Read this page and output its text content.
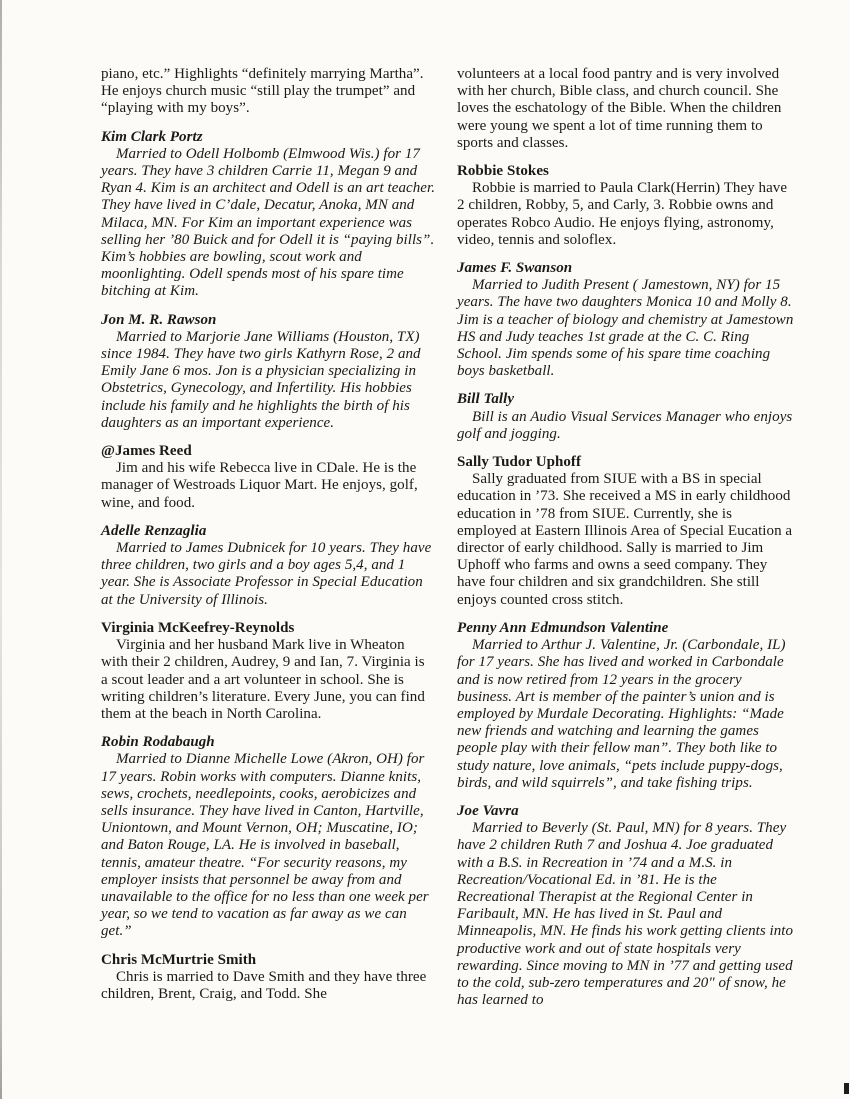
piano, etc.” Highlights “definitely marrying Martha”. He enjoys church music “still play the trumpet” and “playing with my boys”.

Kim Clark Portz

Married to Odell Holbomb (Elmwood Wis.) for 17 years. They have 3 children Carrie 11, Megan 9 and Ryan 4. Kim is an architect and Odell is an art teacher. They have lived in C’dale, Decatur, Anoka, MN and Milaca, MN. For Kim an important experience was selling her ’80 Buick and for Odell it is “paying bills”. Kim’s hobbies are bowling, scout work and moonlighting. Odell spends most of his spare time bitching at Kim.

Jon M. R. Rawson

Married to Marjorie Jane Williams (Houston, TX) since 1984. They have two girls Kathyrn Rose, 2 and Emily Jane 6 mos. Jon is a physician specializing in Obstetrics, Gynecology, and Infertility. His hobbies include his family and he highlights the birth of his daughters as an important experience.

@James Reed

Jim and his wife Rebecca live in CDale. He is the manager of Westroads Liquor Mart. He enjoys, golf, wine, and food.

Adelle Renzaglia

Married to James Dubnicek for 10 years. They have three children, two girls and a boy ages 5,4, and 1 year. She is Associate Professor in Special Education at the University of Illinois.

Virginia McKeefrey-Reynolds

Virginia and her husband Mark live in Wheaton with their 2 children, Audrey, 9 and Ian, 7. Virginia is a scout leader and a art volunteer in school. She is writing children’s literature. Every June, you can find them at the beach in North Carolina.

Robin Rodabaugh

Married to Dianne Michelle Lowe (Akron, OH) for 17 years. Robin works with computers. Dianne knits, sews, crochets, needlepoints, cooks, aerobicizes and sells insurance. They have lived in Canton, Hartville, Uniontown, and Mount Vernon, OH; Muscatine, IO; and Baton Rouge, LA. He is involved in baseball, tennis, amateur theatre. “For security reasons, my employer insists that personnel be away from and unavailable to the office for no less than one week per year, so we tend to vacation as far away as we can get.”

Chris McMurtrie Smith

Chris is married to Dave Smith and they have three children, Brent, Craig, and Todd. She

volunteers at a local food pantry and is very involved with her church, Bible class, and church council. She loves the eschatology of the Bible. When the children were young we spent a lot of time running them to sports and classes.

Robbie Stokes

Robbie is married to Paula Clark(Herrin) They have 2 children, Robby, 5, and Carly, 3. Robbie owns and operates Robco Audio. He enjoys flying, astronomy, video, tennis and soloflex.

James F. Swanson

Married to Judith Present ( Jamestown, NY) for 15 years. The have two daughters Monica 10 and Molly 8. Jim is a teacher of biology and chemistry at Jamestown HS and Judy teaches 1st grade at the C. C. Ring School. Jim spends some of his spare time coaching boys basketball.

Bill Tally

Bill is an Audio Visual Services Manager who enjoys golf and jogging.

Sally Tudor Uphoff

Sally graduated from SIUE with a BS in special education in ’73. She received a MS in early childhood education in ’78 from SIUE. Currently, she is employed at Eastern Illinois Area of Special Eucation a director of early childhood. Sally is married to Jim Uphoff who farms and owns a seed company. They have four children and six grandchildren. She still enjoys counted cross stitch.

Penny Ann Edmundson Valentine

Married to Arthur J. Valentine, Jr. (Carbondale, IL) for 17 years. She has lived and worked in Carbondale and is now retired from 12 years in the grocery business. Art is member of the painter’s union and is employed by Murdale Decorating. Highlights: “Made new friends and watching and learning the games people play with their fellow man”. They both like to study nature, love animals, “pets include puppy-dogs, birds, and wild squirrels”, and take fishing trips.

Joe Vavra

Married to Beverly (St. Paul, MN) for 8 years. They have 2 children Ruth 7 and Joshua 4. Joe graduated with a B.S. in Recreation in ’74 and a M.S. in Recreation/Vocational Ed. in ’81. He is the Recreational Therapist at the Regional Center in Faribault, MN. He has lived in St. Paul and Minneapolis, MN. He finds his work getting clients into productive work and out of state hospitals very rewarding. Since moving to MN in ’77 and getting used to the cold, sub-zero temperatures and 20" of snow, he has learned to
